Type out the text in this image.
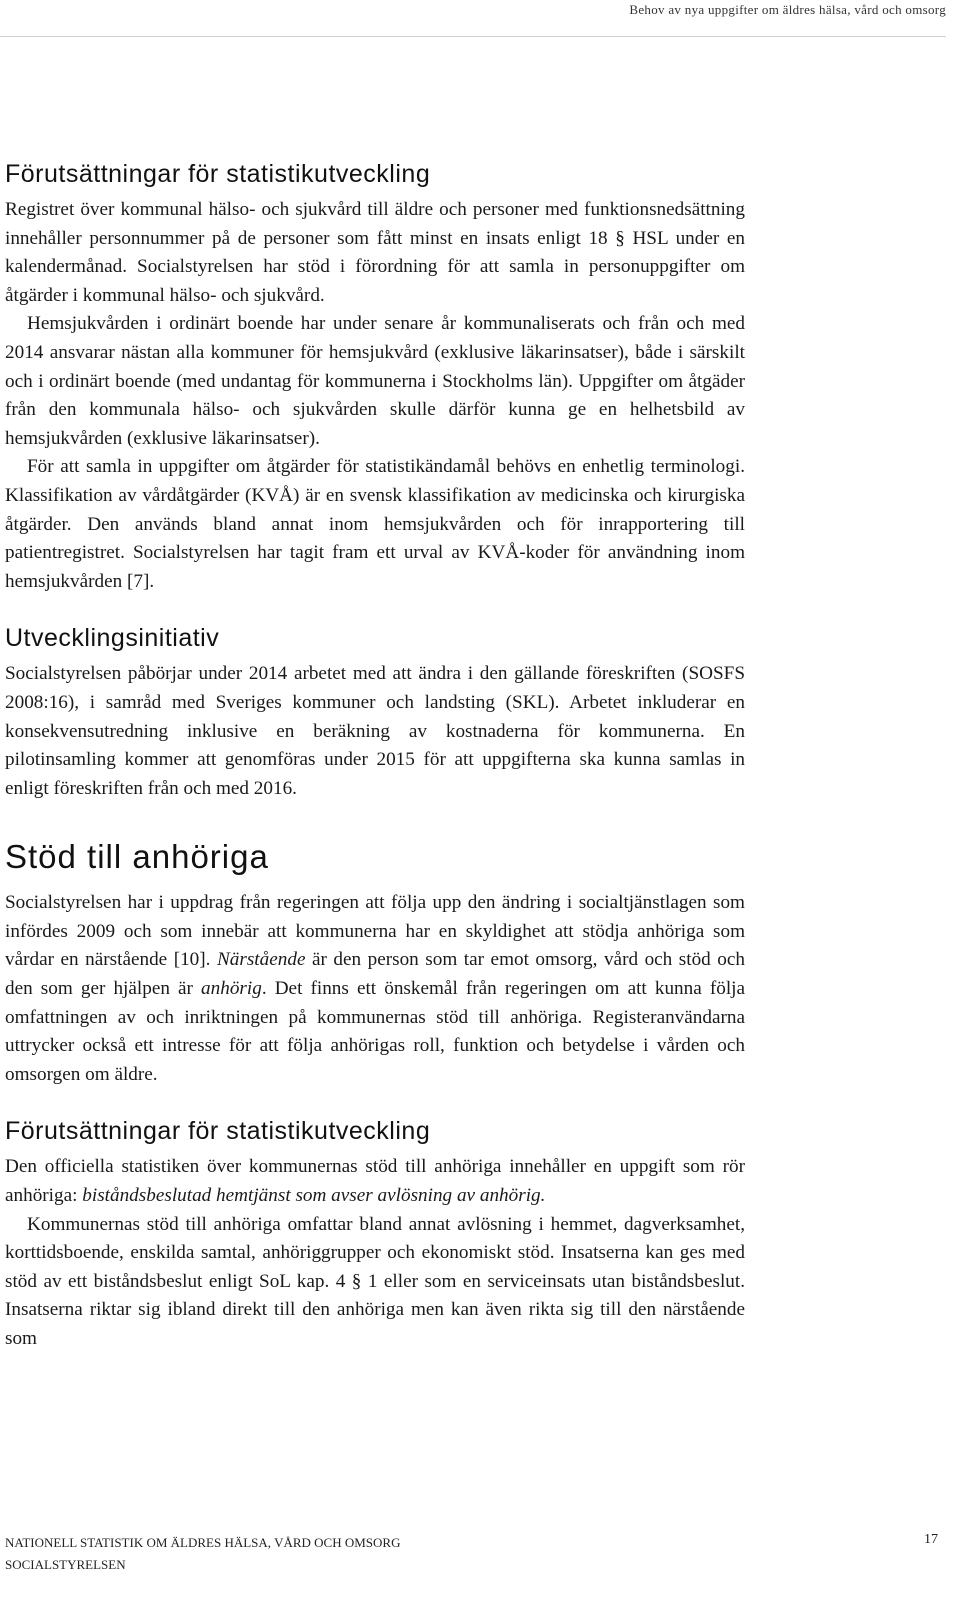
Behov av nya uppgifter om äldres hälsa, vård och omsorg
Förutsättningar för statistikutveckling

Registret över kommunal hälso- och sjukvård till äldre och personer med funktionsnedsättning innehåller personnummer på de personer som fått minst en insats enligt 18 § HSL under en kalendermånad. Socialstyrelsen har stöd i förordning för att samla in personuppgifter om åtgärder i kommunal hälso- och sjukvård.

Hemsjukvården i ordinärt boende har under senare år kommunaliserats och från och med 2014 ansvarar nästan alla kommuner för hemsjukvård (exklusive läkarinsatser), både i särskilt och i ordinärt boende (med undantag för kommunerna i Stockholms län). Uppgifter om åtgäder från den kommunala hälso- och sjukvården skulle därför kunna ge en helhetsbild av hemsjukvården (exklusive läkarinsatser).

För att samla in uppgifter om åtgärder för statistikändamål behövs en enhetlig terminologi. Klassifikation av vårdåtgärder (KVÅ) är en svensk klassifikation av medicinska och kirurgiska åtgärder. Den används bland annat inom hemsjukvården och för inrapportering till patientregistret. Socialstyrelsen har tagit fram ett urval av KVÅ-koder för användning inom hemsjukvården [7].

Utvecklingsinitiativ

Socialstyrelsen påbörjar under 2014 arbetet med att ändra i den gällande föreskriften (SOSFS 2008:16), i samråd med Sveriges kommuner och landsting (SKL). Arbetet inkluderar en konsekvensutredning inklusive en beräkning av kostnaderna för kommunerna. En pilotinsamling kommer att genomföras under 2015 för att uppgifterna ska kunna samlas in enligt föreskriften från och med 2016.

Stöd till anhöriga

Socialstyrelsen har i uppdrag från regeringen att följa upp den ändring i socialtjänstlagen som infördes 2009 och som innebär att kommunerna har en skyldighet att stödja anhöriga som vårdar en närstående [10]. Närstående är den person som tar emot omsorg, vård och stöd och den som ger hjälpen är anhörig. Det finns ett önskemål från regeringen om att kunna följa omfattningen av och inriktningen på kommunernas stöd till anhöriga. Registeranvändarna uttrycker också ett intresse för att följa anhörigas roll, funktion och betydelse i vården och omsorgen om äldre.

Förutsättningar för statistikutveckling

Den officiella statistiken över kommunernas stöd till anhöriga innehåller en uppgift som rör anhöriga: biståndsbeslutad hemtjänst som avser avlösning av anhörig.

Kommunernas stöd till anhöriga omfattar bland annat avlösning i hemmet, dagverksamhet, korttidsboende, enskilda samtal, anhöriggrupper och ekonomiskt stöd. Insatserna kan ges med stöd av ett biståndsbeslut enligt SoL kap. 4 § 1 eller som en serviceinsats utan biståndsbeslut. Insatserna riktar sig ibland direkt till den anhöriga men kan även rikta sig till den närstående som

NATIONELL STATISTIK OM ÄLDRES HÄLSA, VÅRD OCH OMSORG
SOCIALSTYRELSEN
17
